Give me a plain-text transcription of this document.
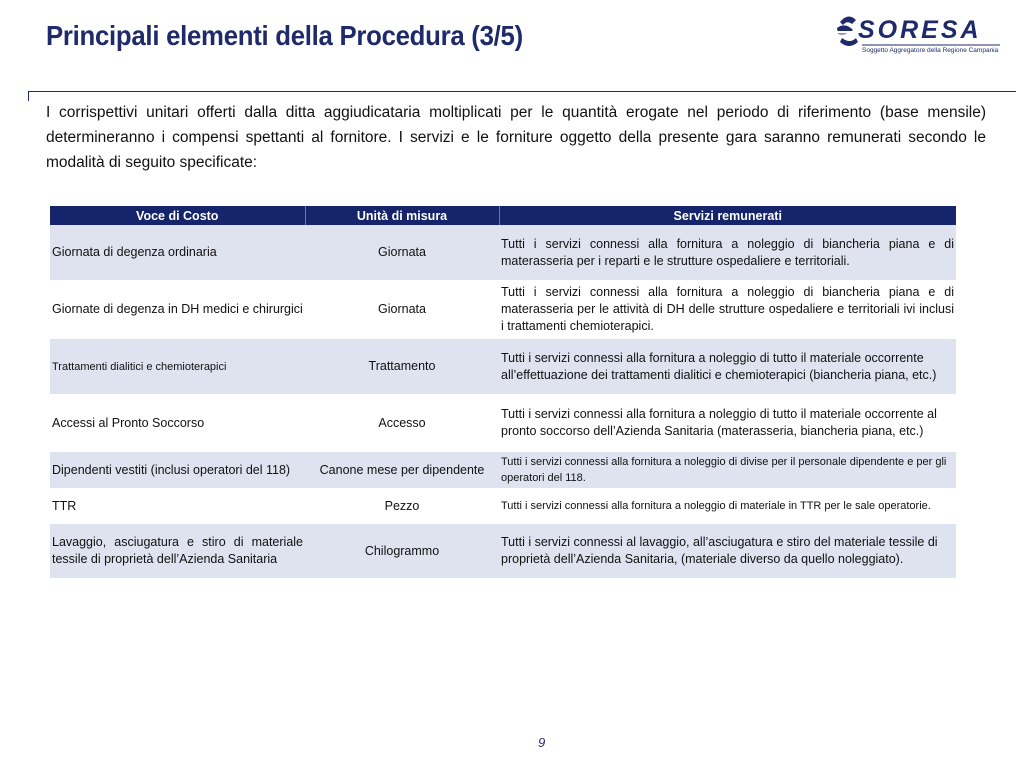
Principali elementi della Procedura (3/5)	SORESA
Soggetto Aggregatore della Regione Campania

I corrispettivi unitari offerti dalla ditta aggiudicataria moltiplicati per le quantità erogate nel periodo di riferimento (base mensile) determineranno i compensi spettanti al fornitore. I servizi e le forniture oggetto della presente gara saranno remunerati secondo le modalità di seguito specificate:

Voce di Costo	Unità di misura	Servizi remunerati
Giornata di degenza ordinaria	Giornata	Tutti i servizi connessi alla fornitura a noleggio di biancheria piana e di materasseria per i reparti e le strutture ospedaliere e territoriali.
Giornate di degenza in DH medici e chirurgici	Giornata	Tutti i servizi connessi alla fornitura a noleggio di biancheria piana e di materasseria per le attività di DH delle strutture ospedaliere e territoriali ivi inclusi i trattamenti chemioterapici.
Trattamenti dialitici e chemioterapici	Trattamento	Tutti i servizi connessi alla fornitura a noleggio di tutto il materiale occorrente all’effettuazione dei trattamenti dialitici e chemioterapici (biancheria piana, etc.)
Accessi al Pronto Soccorso	Accesso	Tutti i servizi connessi alla fornitura a noleggio di tutto il materiale occorrente al pronto soccorso dell’Azienda Sanitaria (materasseria, biancheria piana, etc.)
Dipendenti vestiti (inclusi operatori del 118)	Canone mese per dipendente	Tutti i servizi connessi alla fornitura a noleggio di divise per il personale dipendente e per gli operatori del 118.
TTR	Pezzo	Tutti i servizi connessi alla fornitura a noleggio di materiale in TTR per le sale operatorie.
Lavaggio, asciugatura e stiro di materiale tessile di proprietà dell’Azienda Sanitaria	Chilogrammo	Tutti i servizi connessi al lavaggio, all’asciugatura e stiro del materiale tessile di proprietà dell’Azienda Sanitaria, (materiale diverso da quello noleggiato).
9
